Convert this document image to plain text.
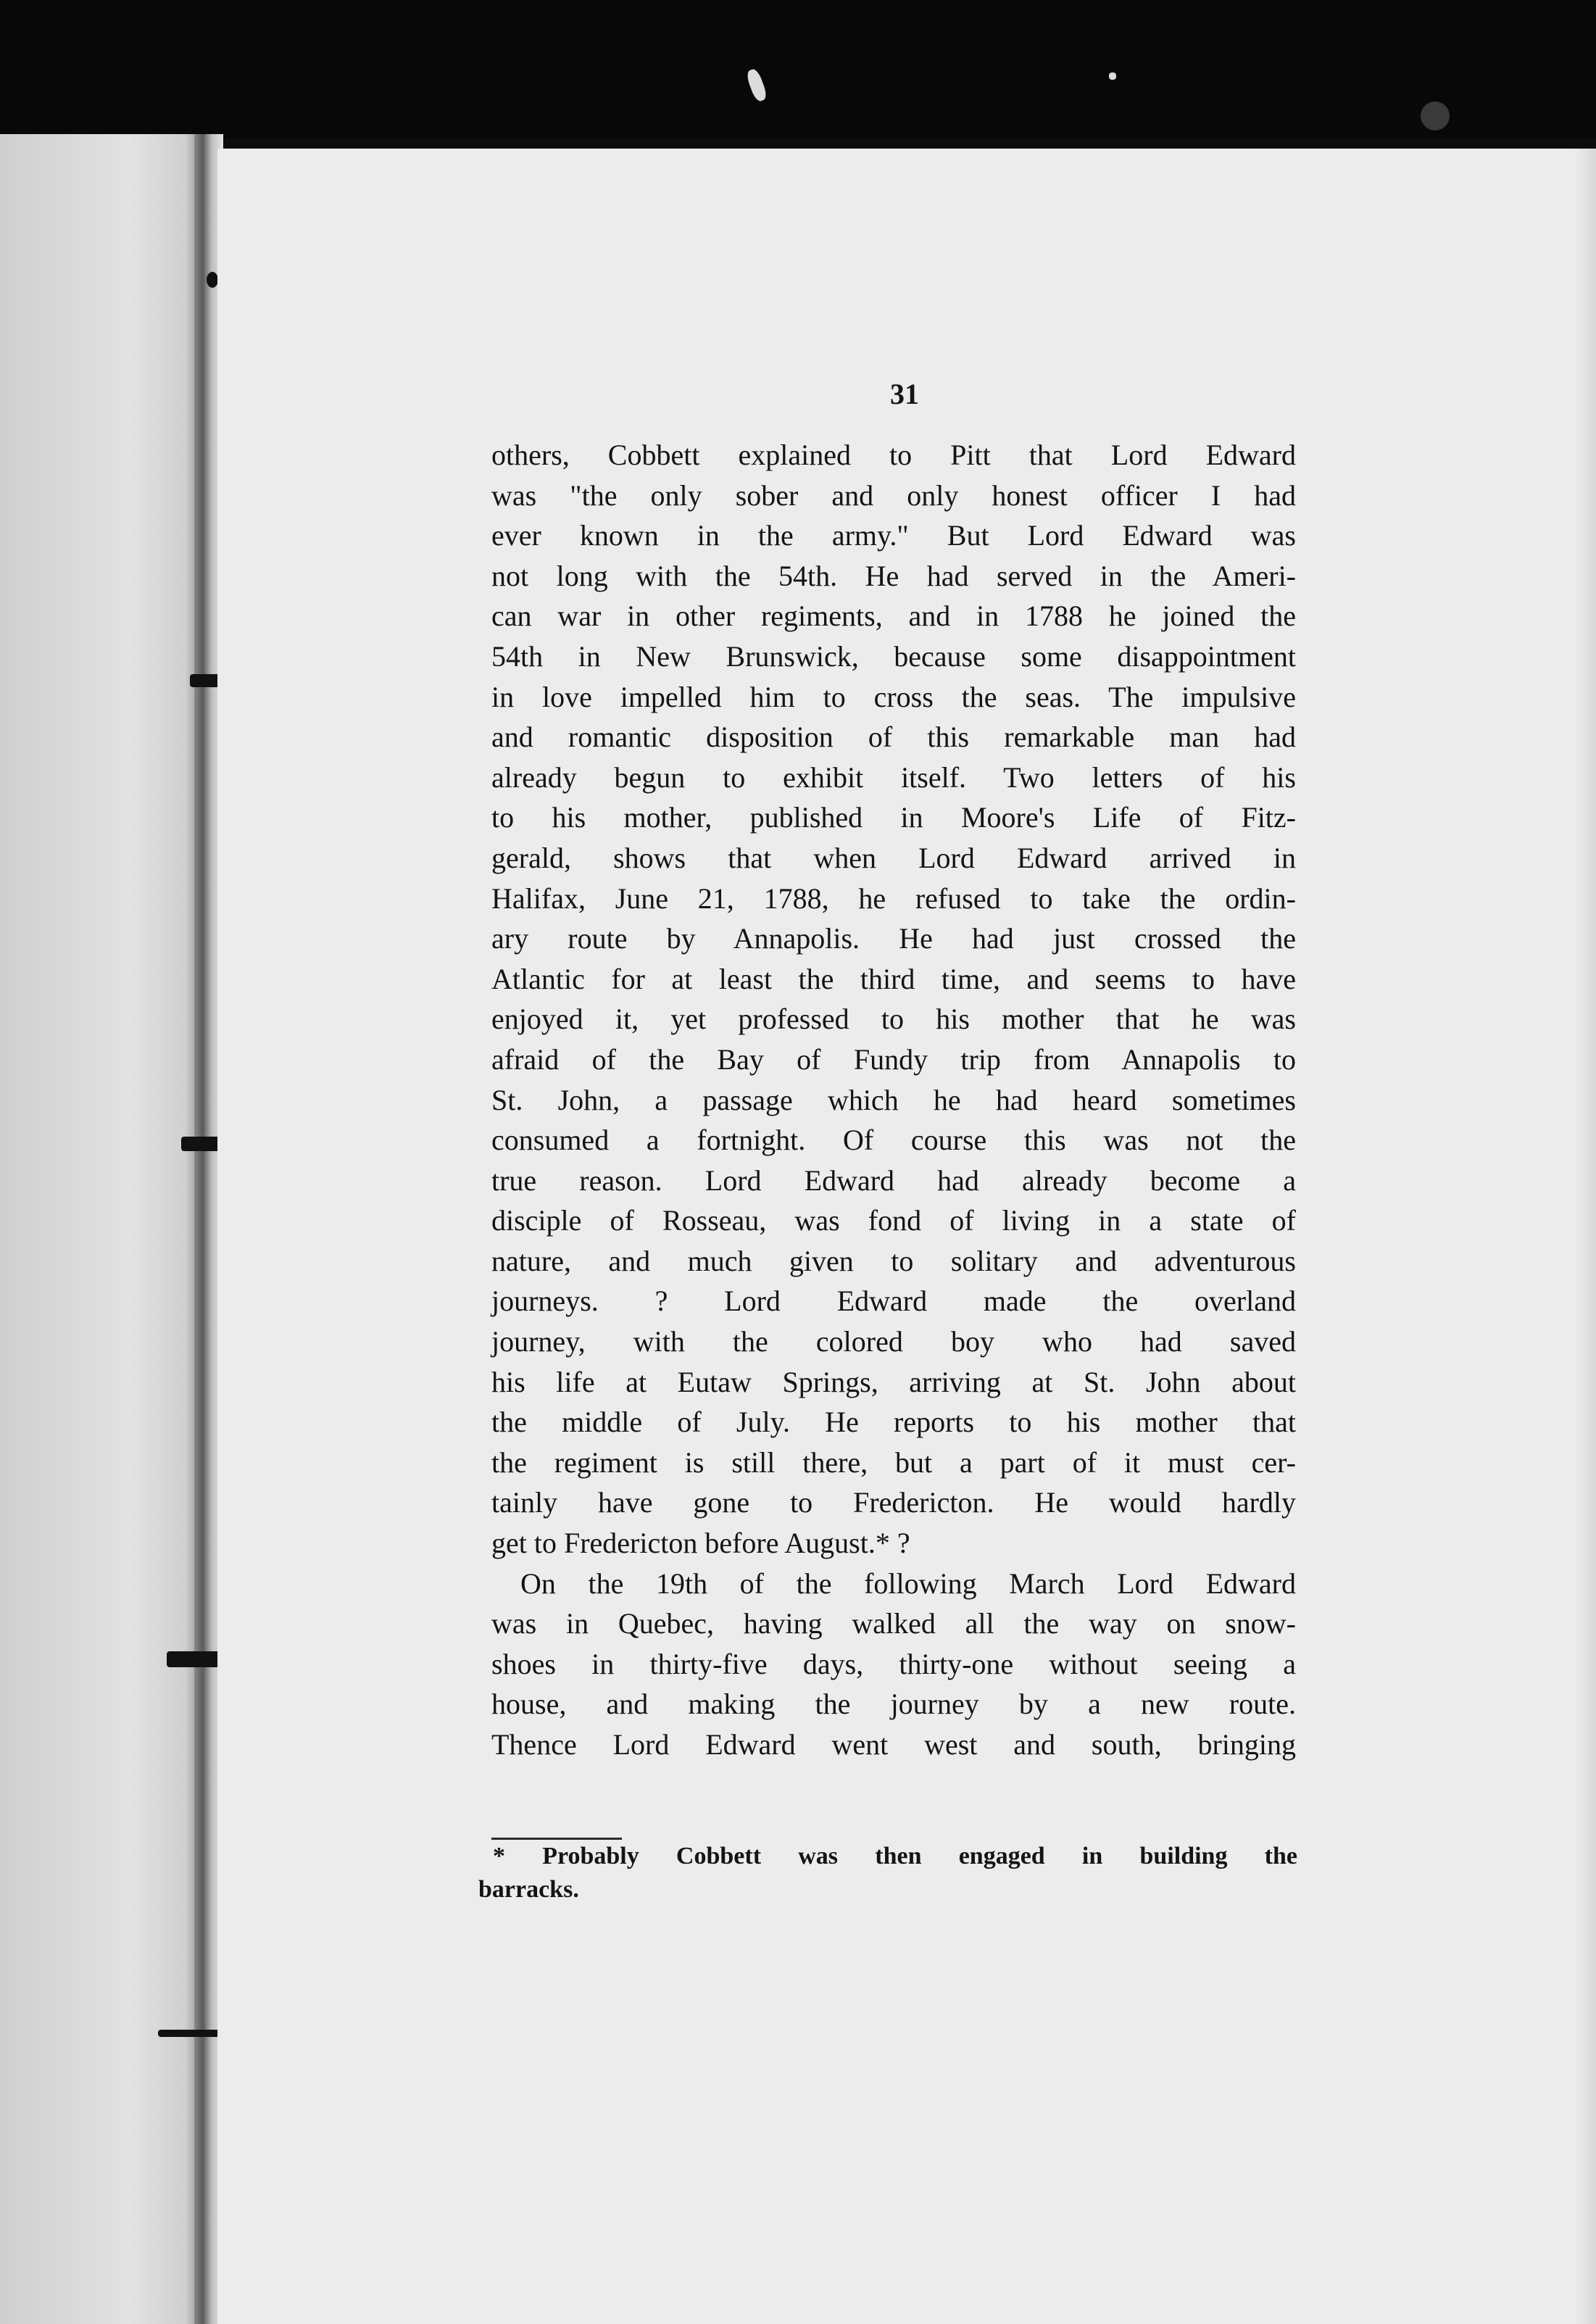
31
others, Cobbett explained to Pitt that Lord Edward
was "the only sober and only honest officer I had
ever known in the army." But Lord Edward was
not long with the 54th. He had served in the Ameri-
can war in other regiments, and in 1788 he joined the
54th in New Brunswick, because some disappointment
in love impelled him to cross the seas. The impulsive
and romantic disposition of this remarkable man had
already begun to exhibit itself. Two letters of his
to his mother, published in Moore's Life of Fitz-
gerald, shows that when Lord Edward arrived in
Halifax, June 21, 1788, he refused to take the ordin-
ary route by Annapolis. He had just crossed the
Atlantic for at least the third time, and seems to have
enjoyed it, yet professed to his mother that he was
afraid of the Bay of Fundy trip from Annapolis to
St. John, a passage which he had heard sometimes
consumed a fortnight. Of course this was not the
true reason. Lord Edward had already become a
disciple of Rosseau, was fond of living in a state of
nature, and much given to solitary and adventurous
journeys. ? Lord Edward made the overland
journey, with the colored boy who had saved
his life at Eutaw Springs, arriving at St. John about
the middle of July. He reports to his mother that
the regiment is still there, but a part of it must cer-
tainly have gone to Fredericton. He would hardly
get to Fredericton before August.* ?
On the 19th of the following March Lord Edward
was in Quebec, having walked all the way on snow-
shoes in thirty-five days, thirty-one without seeing a
house, and making the journey by a new route.
Thence Lord Edward went west and south, bringing
* Probably Cobbett was then engaged in building the
barracks.
